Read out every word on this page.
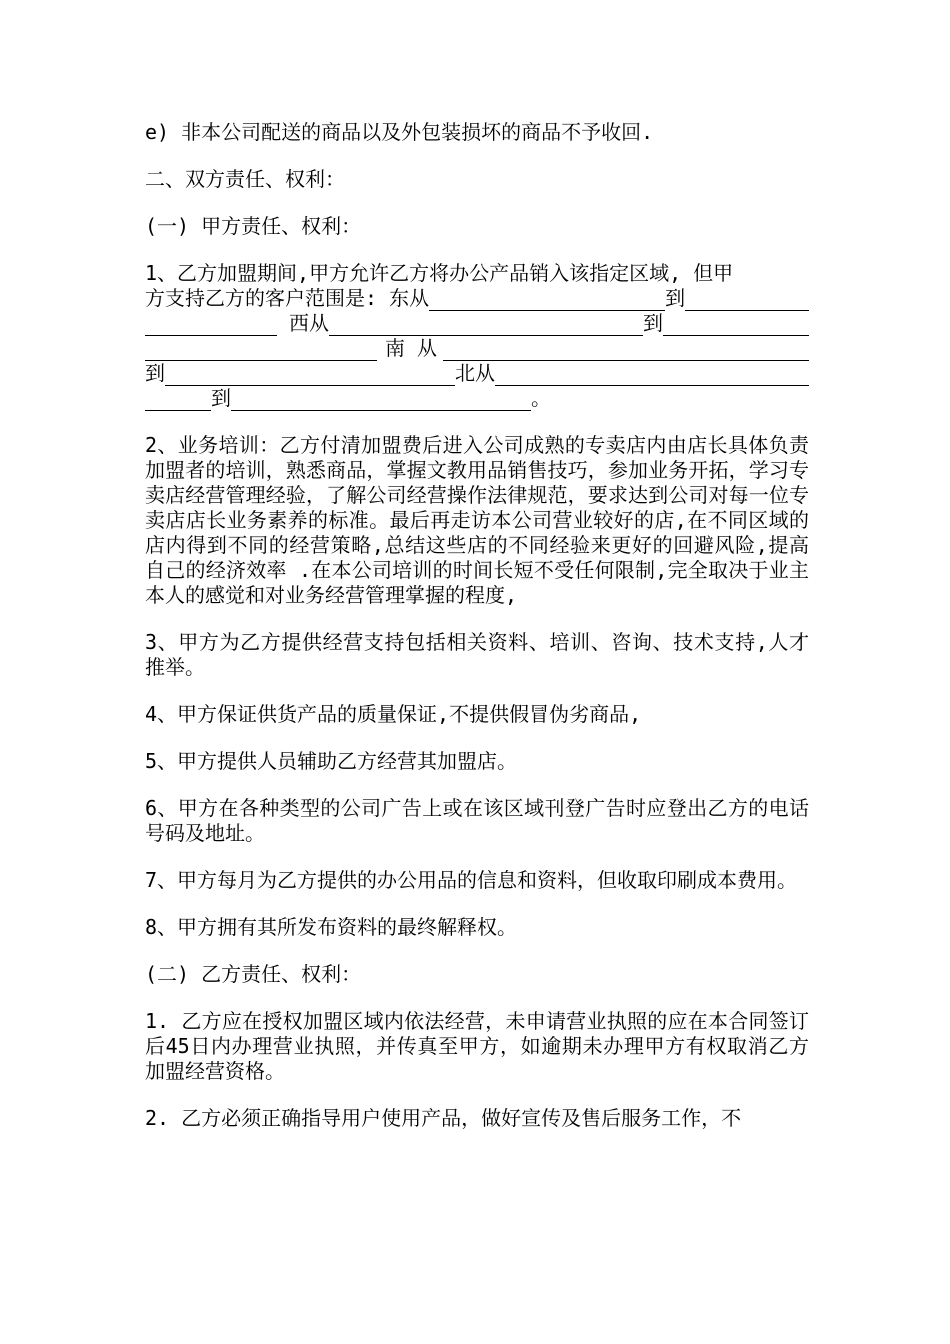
e) 非本公司配送的商品以及外包装损坏的商品不予收回.

二、双方责任、权利：

(一) 甲方责任、权利：

1、乙方加盟期间,甲方允许乙方将办公产品销入该指定区域, 但甲
方支持乙方的客户范围是: 东从	到
西从	到
南 从
到	北从
到	。

2、业务培训：乙方付清加盟费后进入公司成熟的专卖店内由店长具体负责加盟者的培训，熟悉商品，掌握文教用品销售技巧，参加业务开拓，学习专卖店经营管理经验，了解公司经营操作法律规范，要求达到公司对每一位专卖店店长业务素养的标准。最后再走访本公司营业较好的店,在不同区域的店内得到不同的经营策略,总结这些店的不同经验来更好的回避风险,提高自己的经济效率 .在本公司培训的时间长短不受任何限制,完全取决于业主本人的感觉和对业务经营管理掌握的程度,

3、甲方为乙方提供经营支持包括相关资料、培训、咨询、技术支持,人才推举。

4、甲方保证供货产品的质量保证,不提供假冒伪劣商品,

5、甲方提供人员辅助乙方经营其加盟店。

6、甲方在各种类型的公司广告上或在该区域刊登广告时应登出乙方的电话号码及地址。

7、甲方每月为乙方提供的办公用品的信息和资料，但收取印刷成本费用。

8、甲方拥有其所发布资料的最终解释权。

(二) 乙方责任、权利：

1. 乙方应在授权加盟区域内依法经营，未申请营业执照的应在本合同签订后45日内办理营业执照，并传真至甲方，如逾期未办理甲方有权取消乙方加盟经营资格。

2. 乙方必须正确指导用户使用产品，做好宣传及售后服务工作，不
